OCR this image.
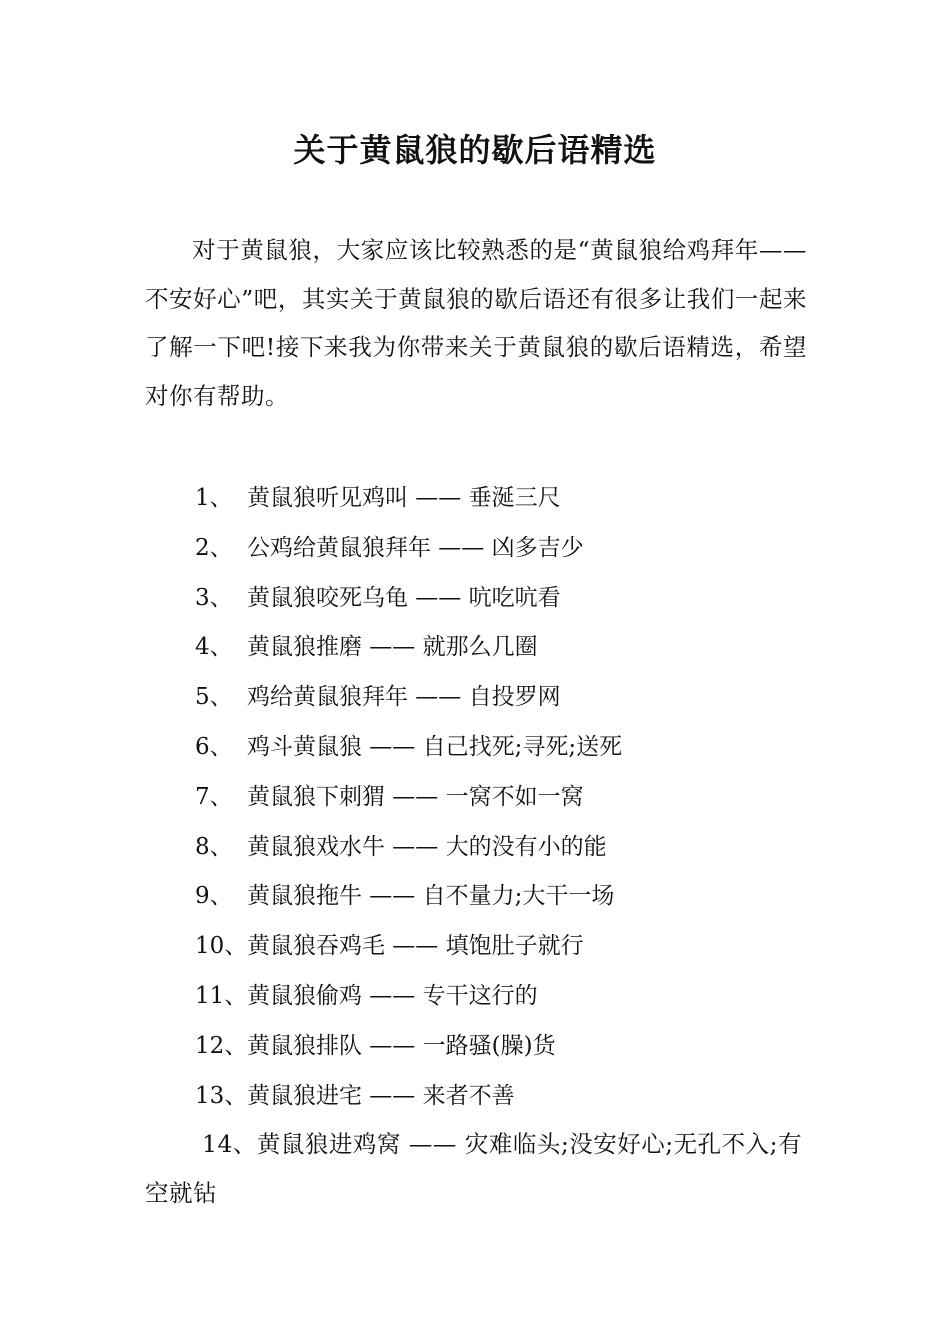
关于黄鼠狼的歇后语精选

对于黄鼠狼，大家应该比较熟悉的是“黄鼠狼给鸡拜年——不安好心”吧，其实关于黄鼠狼的歇后语还有很多让我们一起来了解一下吧!接下来我为你带来关于黄鼠狼的歇后语精选，希望对你有帮助。

1、 黄鼠狼听见鸡叫 —— 垂涎三尺
2、 公鸡给黄鼠狼拜年 —— 凶多吉少
3、 黄鼠狼咬死乌龟 —— 吭吃吭看
4、 黄鼠狼推磨 —— 就那么几圈
5、 鸡给黄鼠狼拜年 —— 自投罗网
6、 鸡斗黄鼠狼 —— 自己找死;寻死;送死
7、 黄鼠狼下刺猬 —— 一窝不如一窝
8、 黄鼠狼戏水牛 —— 大的没有小的能
9、 黄鼠狼拖牛 —— 自不量力;大干一场
10、 黄鼠狼吞鸡毛 —— 填饱肚子就行
11、 黄鼠狼偷鸡 —— 专干这行的
12、 黄鼠狼排队 —— 一路骚(臊)货
13、 黄鼠狼进宅 —— 来者不善

14、黄鼠狼进鸡窝 —— 灾难临头;没安好心;无孔不入;有空就钻
